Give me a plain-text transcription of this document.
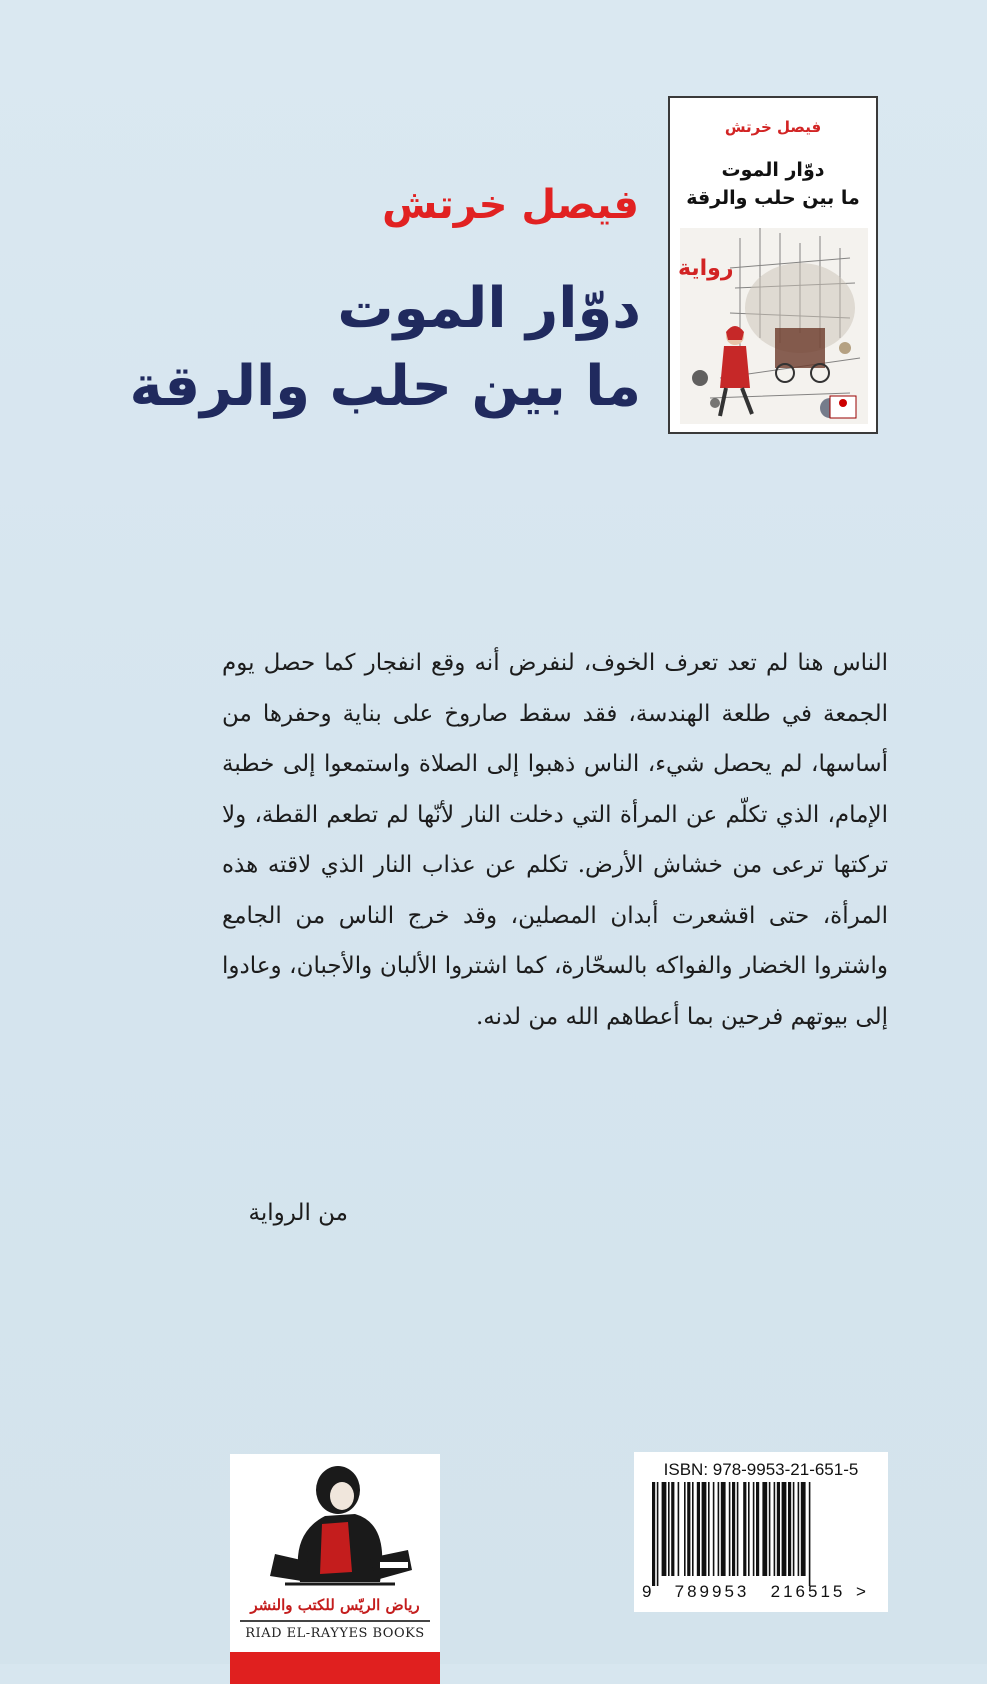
فيصل خرتش
دوّار الموت
ما بين حلب والرقة
رواية
فيصل خرتش
دوّار الموت
ما بين حلب والرقة

الناس هنا لم تعد تعرف الخوف، لنفرض أنه وقع انفجار كما حصل يوم الجمعة في طلعة الهندسة، فقد سقط صاروخ على بناية وحفرها من أساسها، لم يحصل شيء، الناس ذهبوا إلى الصلاة واستمعوا إلى خطبة الإمام، الذي تكلّم عن المرأة التي دخلت النار لأنّها لم تطعم القطة، ولا تركتها ترعى من خشاش الأرض. تكلم عن عذاب النار الذي لاقته هذه المرأة، حتى اقشعرت أبدان المصلين، وقد خرج الناس من الجامع واشتروا الخضار والفواكه بالسحّارة، كما اشتروا الألبان والأجبان، وعادوا إلى بيوتهم فرحين بما أعطاهم الله من لدنه.

من الرواية
رياض الريّس للكتب والنشر
RIAD EL-RAYYES BOOKS
ISBN: 978-9953-21-651-5
9	789953	216515 >
